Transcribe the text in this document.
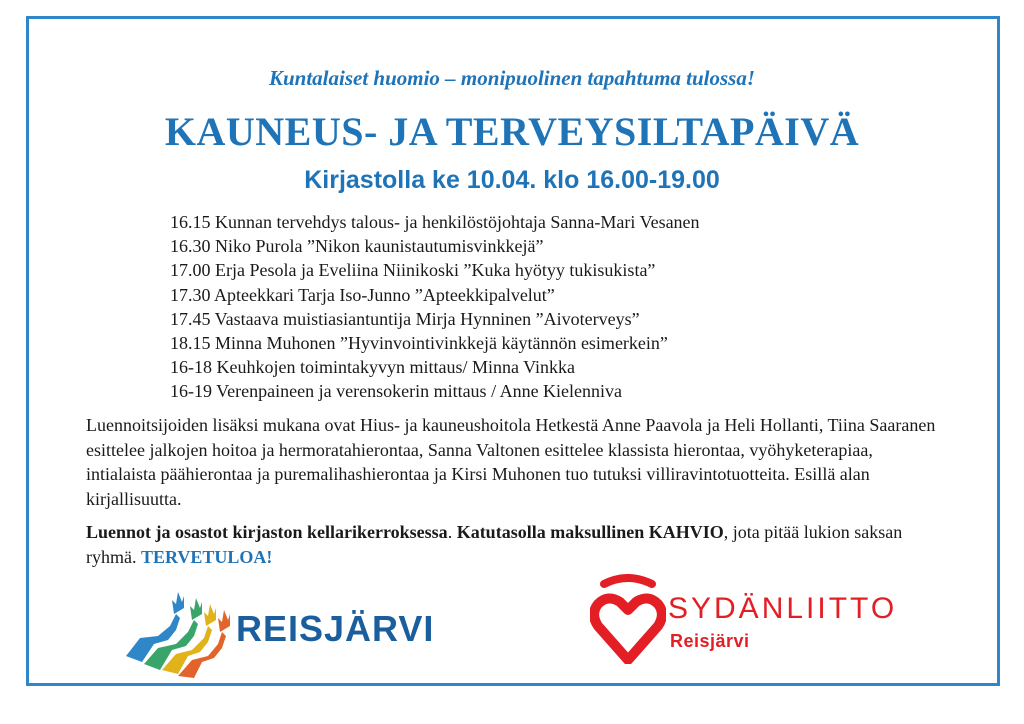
Kuntalaiset huomio – monipuolinen tapahtuma tulossa!
KAUNEUS- JA TERVEYSILTAPÄIVÄ
Kirjastolla ke 10.04. klo 16.00-19.00
16.15 Kunnan tervehdys talous- ja henkilöstöjohtaja Sanna-Mari Vesanen
16.30 Niko Purola ”Nikon kaunistautumisvinkkejä”
17.00 Erja Pesola ja Eveliina Niinikoski ”Kuka hyötyy tukisukista”
17.30 Apteekkari Tarja Iso-Junno ”Apteekkipalvelut”
17.45 Vastaava muistiasiantuntija Mirja Hynninen ”Aivoterveys”
18.15 Minna Muhonen ”Hyvinvointivinkkejä käytännön esimerkein”
16-18 Keuhkojen toimintakyvyn mittaus/ Minna Vinkka
16-19 Verenpaineen ja verensokerin mittaus / Anne Kielenniva

Luennoitsijoiden lisäksi mukana ovat Hius- ja kauneushoitola Hetkestä Anne Paavola ja Heli Hollanti, Tiina Saaranen esittelee jalkojen hoitoa ja hermoratahierontaa, Sanna Valtonen esittelee klassista hierontaa, vyöhyketerapiaa, intialaista päähierontaa ja puremalihashierontaa ja Kirsi Muhonen tuo tutuksi villiravintotuotteita. Esillä alan kirjallisuutta.

Luennot ja osastot kirjaston kellarikerroksessa. Katutasolla maksullinen KAHVIO, jota pitää lukion saksan ryhmä. TERVETULOA!

REISJÄRVI	SYDÄNLIITTO
Reisjärvi
